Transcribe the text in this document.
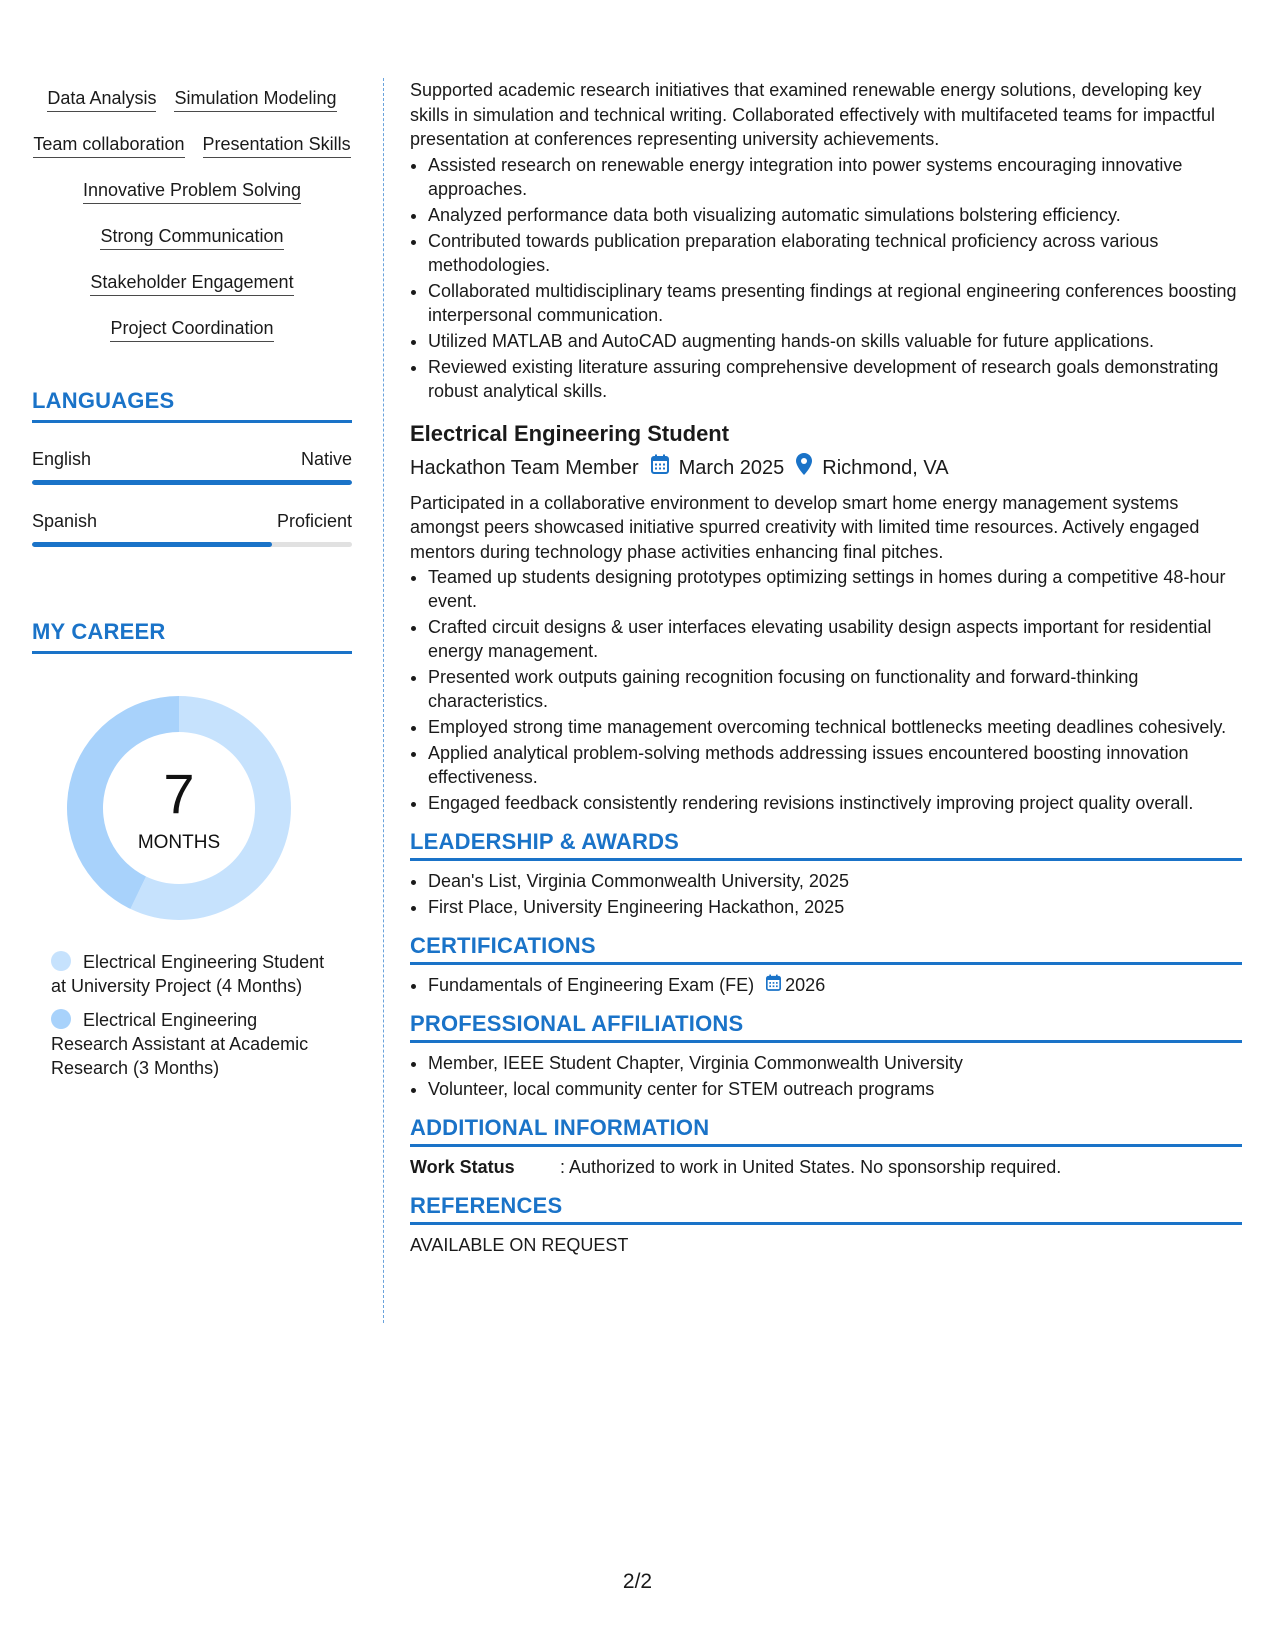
Data Analysis Simulation Modeling
Team collaboration Presentation Skills
Innovative Problem Solving
Strong Communication
Stakeholder Engagement
Project Coordination
LANGUAGES
English	Native
Spanish	Proficient
MY CAREER
7
MONTHS
Electrical Engineering Student at University Project (4 Months)
Electrical Engineering Research Assistant at Academic Research (3 Months)

Supported academic research initiatives that examined renewable energy solutions, developing key skills in simulation and technical writing. Collaborated effectively with multifaceted teams for impactful presentation at conferences representing university achievements.

• Assisted research on renewable energy integration into power systems encouraging innovative approaches.
• Analyzed performance data both visualizing automatic simulations bolstering efficiency.
• Contributed towards publication preparation elaborating technical proficiency across various methodologies.
• Collaborated multidisciplinary teams presenting findings at regional engineering conferences boosting interpersonal communication.
• Utilized MATLAB and AutoCAD augmenting hands-on skills valuable for future applications.
• Reviewed existing literature assuring comprehensive development of research goals demonstrating robust analytical skills.
Electrical Engineering Student
Hackathon Team Member March 2025 Richmond, VA

Participated in a collaborative environment to develop smart home energy management systems amongst peers showcased initiative spurred creativity with limited time resources. Actively engaged mentors during technology phase activities enhancing final pitches.

• Teamed up students designing prototypes optimizing settings in homes during a competitive 48-hour event.
• Crafted circuit designs & user interfaces elevating usability design aspects important for residential energy management.
• Presented work outputs gaining recognition focusing on functionality and forward-thinking characteristics.
• Employed strong time management overcoming technical bottlenecks meeting deadlines cohesively.
• Applied analytical problem-solving methods addressing issues encountered boosting innovation effectiveness.
• Engaged feedback consistently rendering revisions instinctively improving project quality overall.
LEADERSHIP & AWARDS
• Dean's List, Virginia Commonwealth University, 2025
• First Place, University Engineering Hackathon, 2025
CERTIFICATIONS
• Fundamentals of Engineering Exam (FE) 2026
PROFESSIONAL AFFILIATIONS
• Member, IEEE Student Chapter, Virginia Commonwealth University
• Volunteer, local community center for STEM outreach programs
ADDITIONAL INFORMATION
Work Status	: Authorized to work in United States. No sponsorship required.
REFERENCES
AVAILABLE ON REQUEST
2/2
